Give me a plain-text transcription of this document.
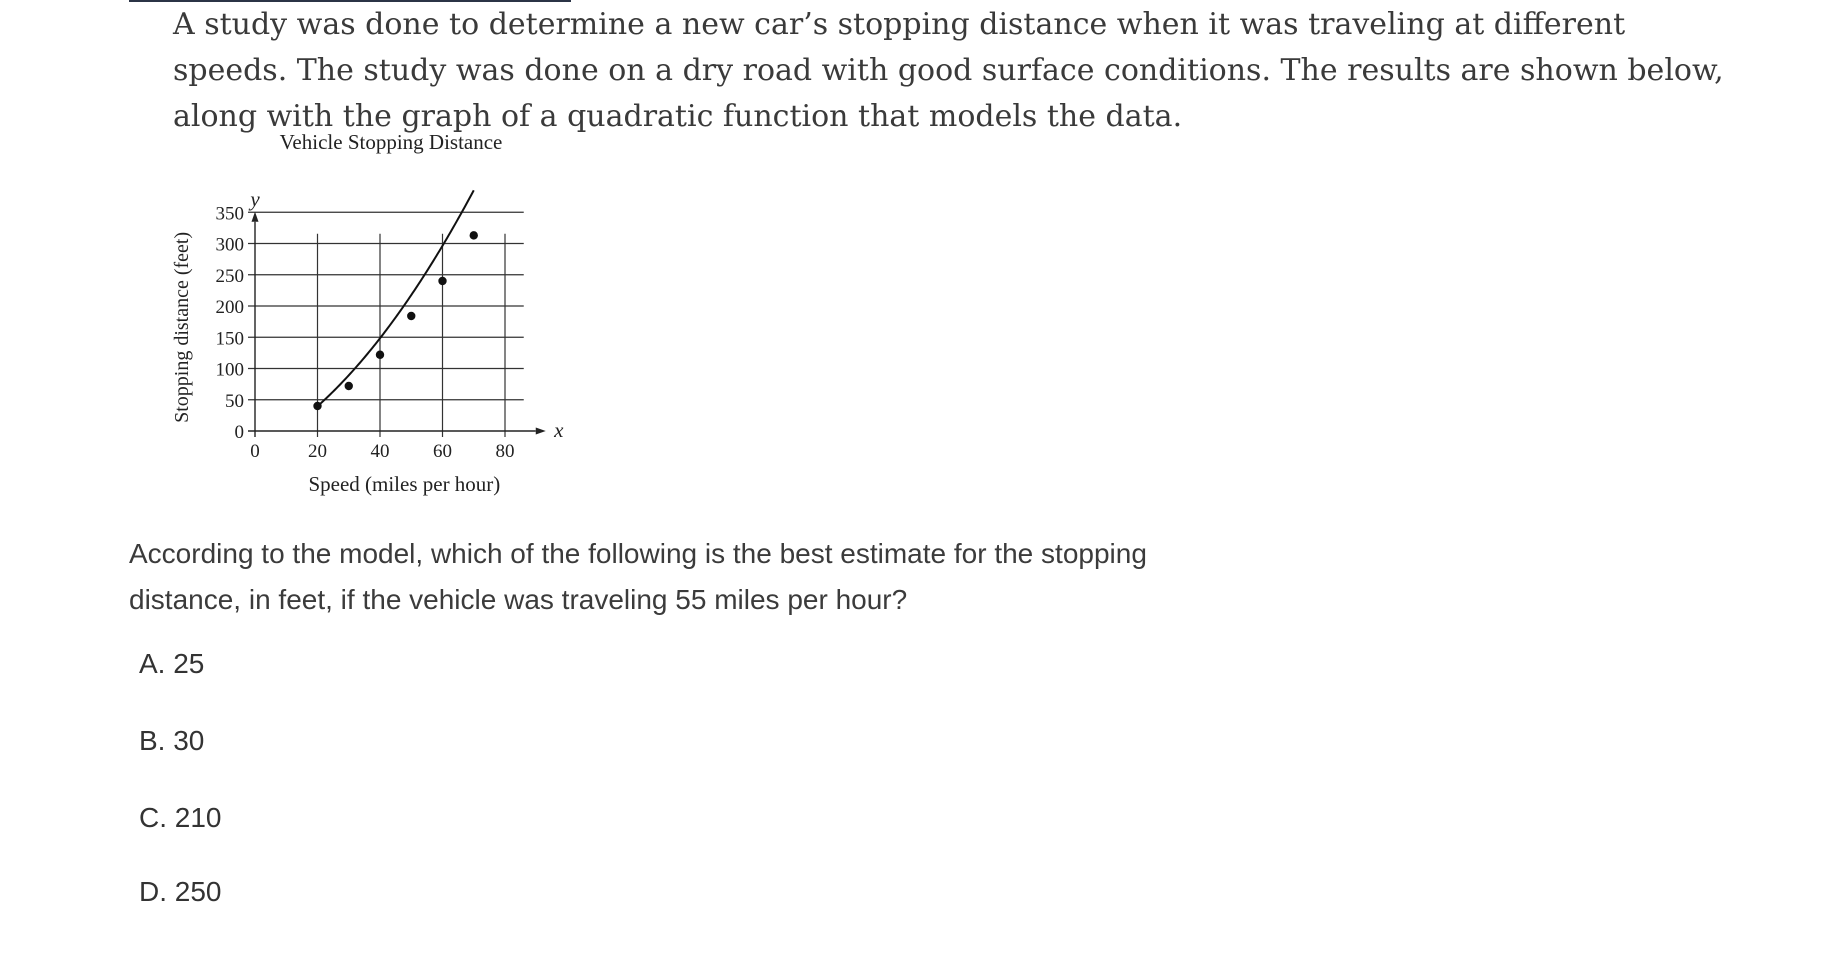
A study was done to determine a new car’s stopping distance when it was traveling at different speeds. The study was done on a dry road with good surface conditions. The results are shown below, along with the graph of a quadratic function that models the data.

Vehicle Stopping Distance
Stopping distance (feet)
Speed (miles per hour)
y
x
0
50
100
150
200
250
300
350
0	20 40 60 80

According to the model, which of the following is the best estimate for the stopping distance, in feet, if the vehicle was traveling 55 miles per hour?

A. 25
B. 30
C. 210
D. 250
